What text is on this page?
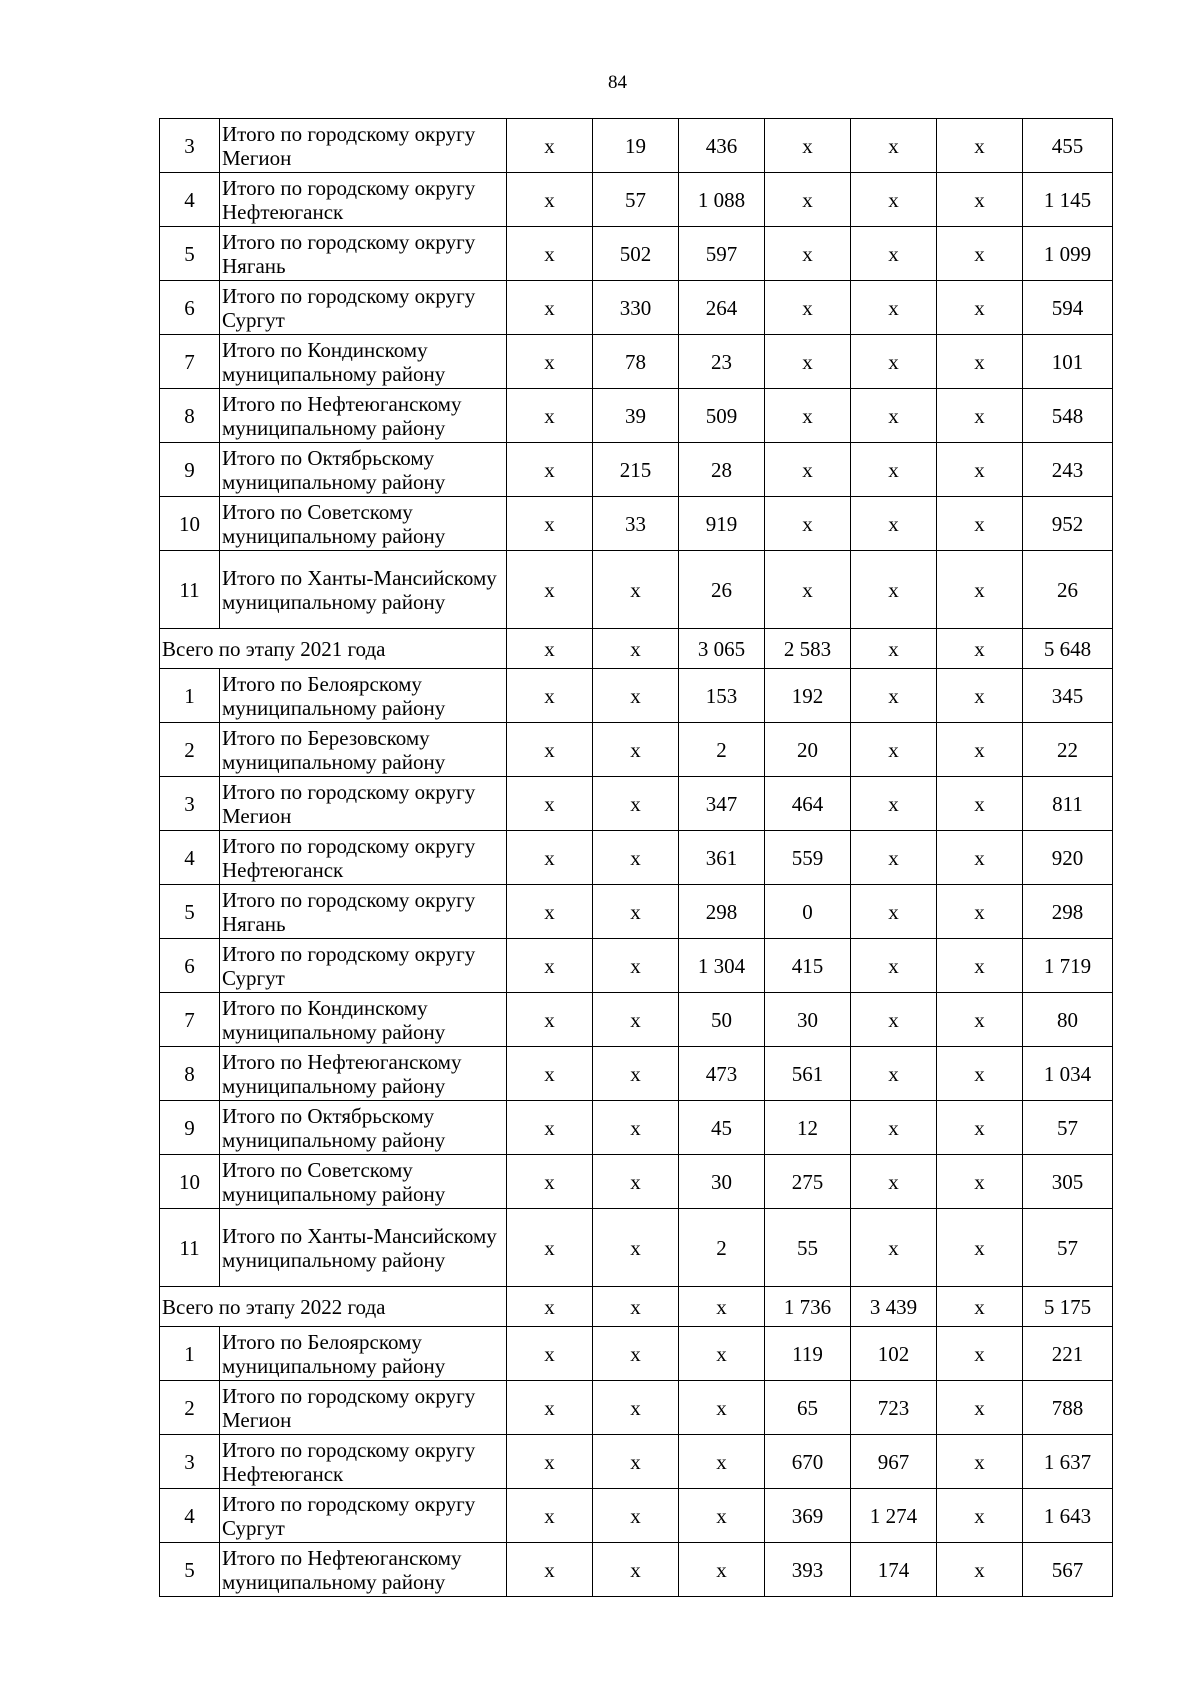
84
3	Итого по городскому округу Мегион	х	19	436	х	х	х	455
4	Итого по городскому округу Нефтеюганск	х	57	1 088	х	х	х	1 145
5	Итого по городскому округу Нягань	х	502	597	х	х	х	1 099
6	Итого по городскому округу Сургут	х	330	264	х	х	х	594
7	Итого по Кондинскому муниципальному району	х	78	23	х	х	х	101
8	Итого по Нефтеюганскому муниципальному району	х	39	509	х	х	х	548
9	Итого по Октябрьскому муниципальному району	х	215	28	х	х	х	243
10	Итого по Советскому муниципальному району	х	33	919	х	х	х	952
11	Итого по Ханты-Мансийскому муниципальному району	х	х	26	х	х	х	26
Всего по этапу 2021 года		х	х	3 065	2 583	х	х	5 648
1	Итого по Белоярскому муниципальному району	х	х	153	192	х	х	345
2	Итого по Березовскому муниципальному району	х	х	2	20	х	х	22
3	Итого по городскому округу Мегион	х	х	347	464	х	х	811
4	Итого по городскому округу Нефтеюганск	х	х	361	559	х	х	920
5	Итого по городскому округу Нягань	х	х	298	0	х	х	298
6	Итого по городскому округу Сургут	х	х	1 304	415	х	х	1 719
7	Итого по Кондинскому муниципальному району	х	х	50	30	х	х	80
8	Итого по Нефтеюганскому муниципальному району	х	х	473	561	х	х	1 034
9	Итого по Октябрьскому муниципальному району	х	х	45	12	х	х	57
10	Итого по Советскому муниципальному району	х	х	30	275	х	х	305
11	Итого по Ханты-Мансийскому муниципальному району	х	х	2	55	х	х	57
Всего по этапу 2022 года		х	х	х	1 736	3 439	х	5 175
1	Итого по Белоярскому муниципальному району	х	х	х	119	102	х	221
2	Итого по городскому округу Мегион	х	х	х	65	723	х	788
3	Итого по городскому округу Нефтеюганск	х	х	х	670	967	х	1 637
4	Итого по городскому округу Сургут	х	х	х	369	1 274	х	1 643
5	Итого по Нефтеюганскому муниципальному району	х	х	х	393	174	х	567
